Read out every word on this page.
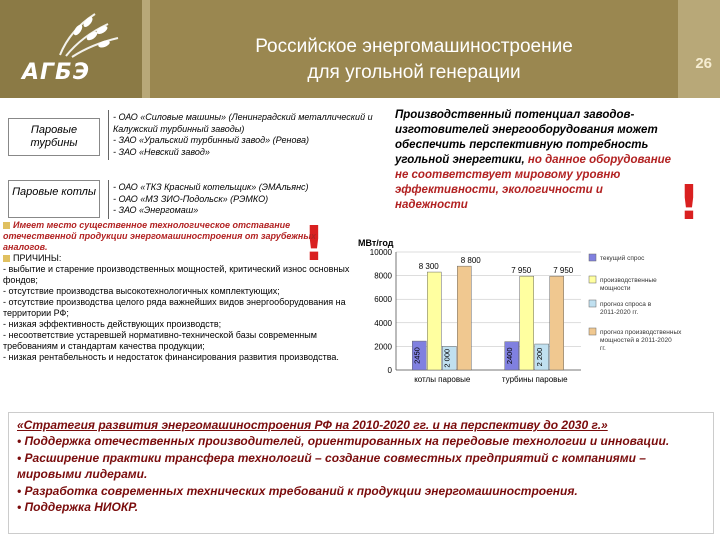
АГБЭ
Российское энергомашиностроение
для угольной генерации	26
Паровые турбины
- ОАО «Силовые машины» (Ленинградский металлический и Калужский турбинный заводы)
- ЗАО «Уральский турбинный завод» (Ренова)
- ЗАО «Невский завод»
Паровые котлы	- ОАО «ТКЗ Красный котельщик» (ЭМАльянс)
- ОАО «МЗ ЗИО-Подольск» (РЭМКО)
- ЗАО «Энергомаш»
Производственный потенциал заводов-изготовителей энергооборудования может обеспечить перспективную потребность угольной энергетики, но данное оборудование не соответствует мировому уровню эффективности, экологичности и надежности	!
!
Имеет место существенное технологическое отставание отечественной продукции энергомашиностроения от зарубежных аналогов.
ПРИЧИНЫ:
- выбытие и старение производственных мощностей, критический износ основных фондов;
- отсутствие производства высокотехнологичных комплектующих;
- отсутствие производства целого ряда важнейших видов энергооборудования на территории РФ;
- низкая эффективность действующих производств;
- несоответствие устаревшей нормативно-технической базы современным требованиям и стандартам качества продукции;
- низкая рентабельность и недостаток финансирования развития производства.
МВт/год
0
2000
4000
6000
8000
10000
2450
8 300
2 000
8 800
котлы паровые
2400
7 950
2 200
7 950
турбины паровые
текущий спрос
производственные мощности
прогноз спроса в 2011-2020 гг.
прогноз производственных мощностей в 2011-2020 гг.
«Стратегия развития энергомашиностроения РФ на 2010-2020 гг. и на перспективу до 2030 г.»
• Поддержка отечественных производителей, ориентированных на передовые технологии и инновации.
• Расширение практики трансфера технологий – создание совместных предприятий с компаниями – мировыми лидерами.
• Разработка современных технических требований к продукции энергомашиностроения.
• Поддержка НИОКР.
